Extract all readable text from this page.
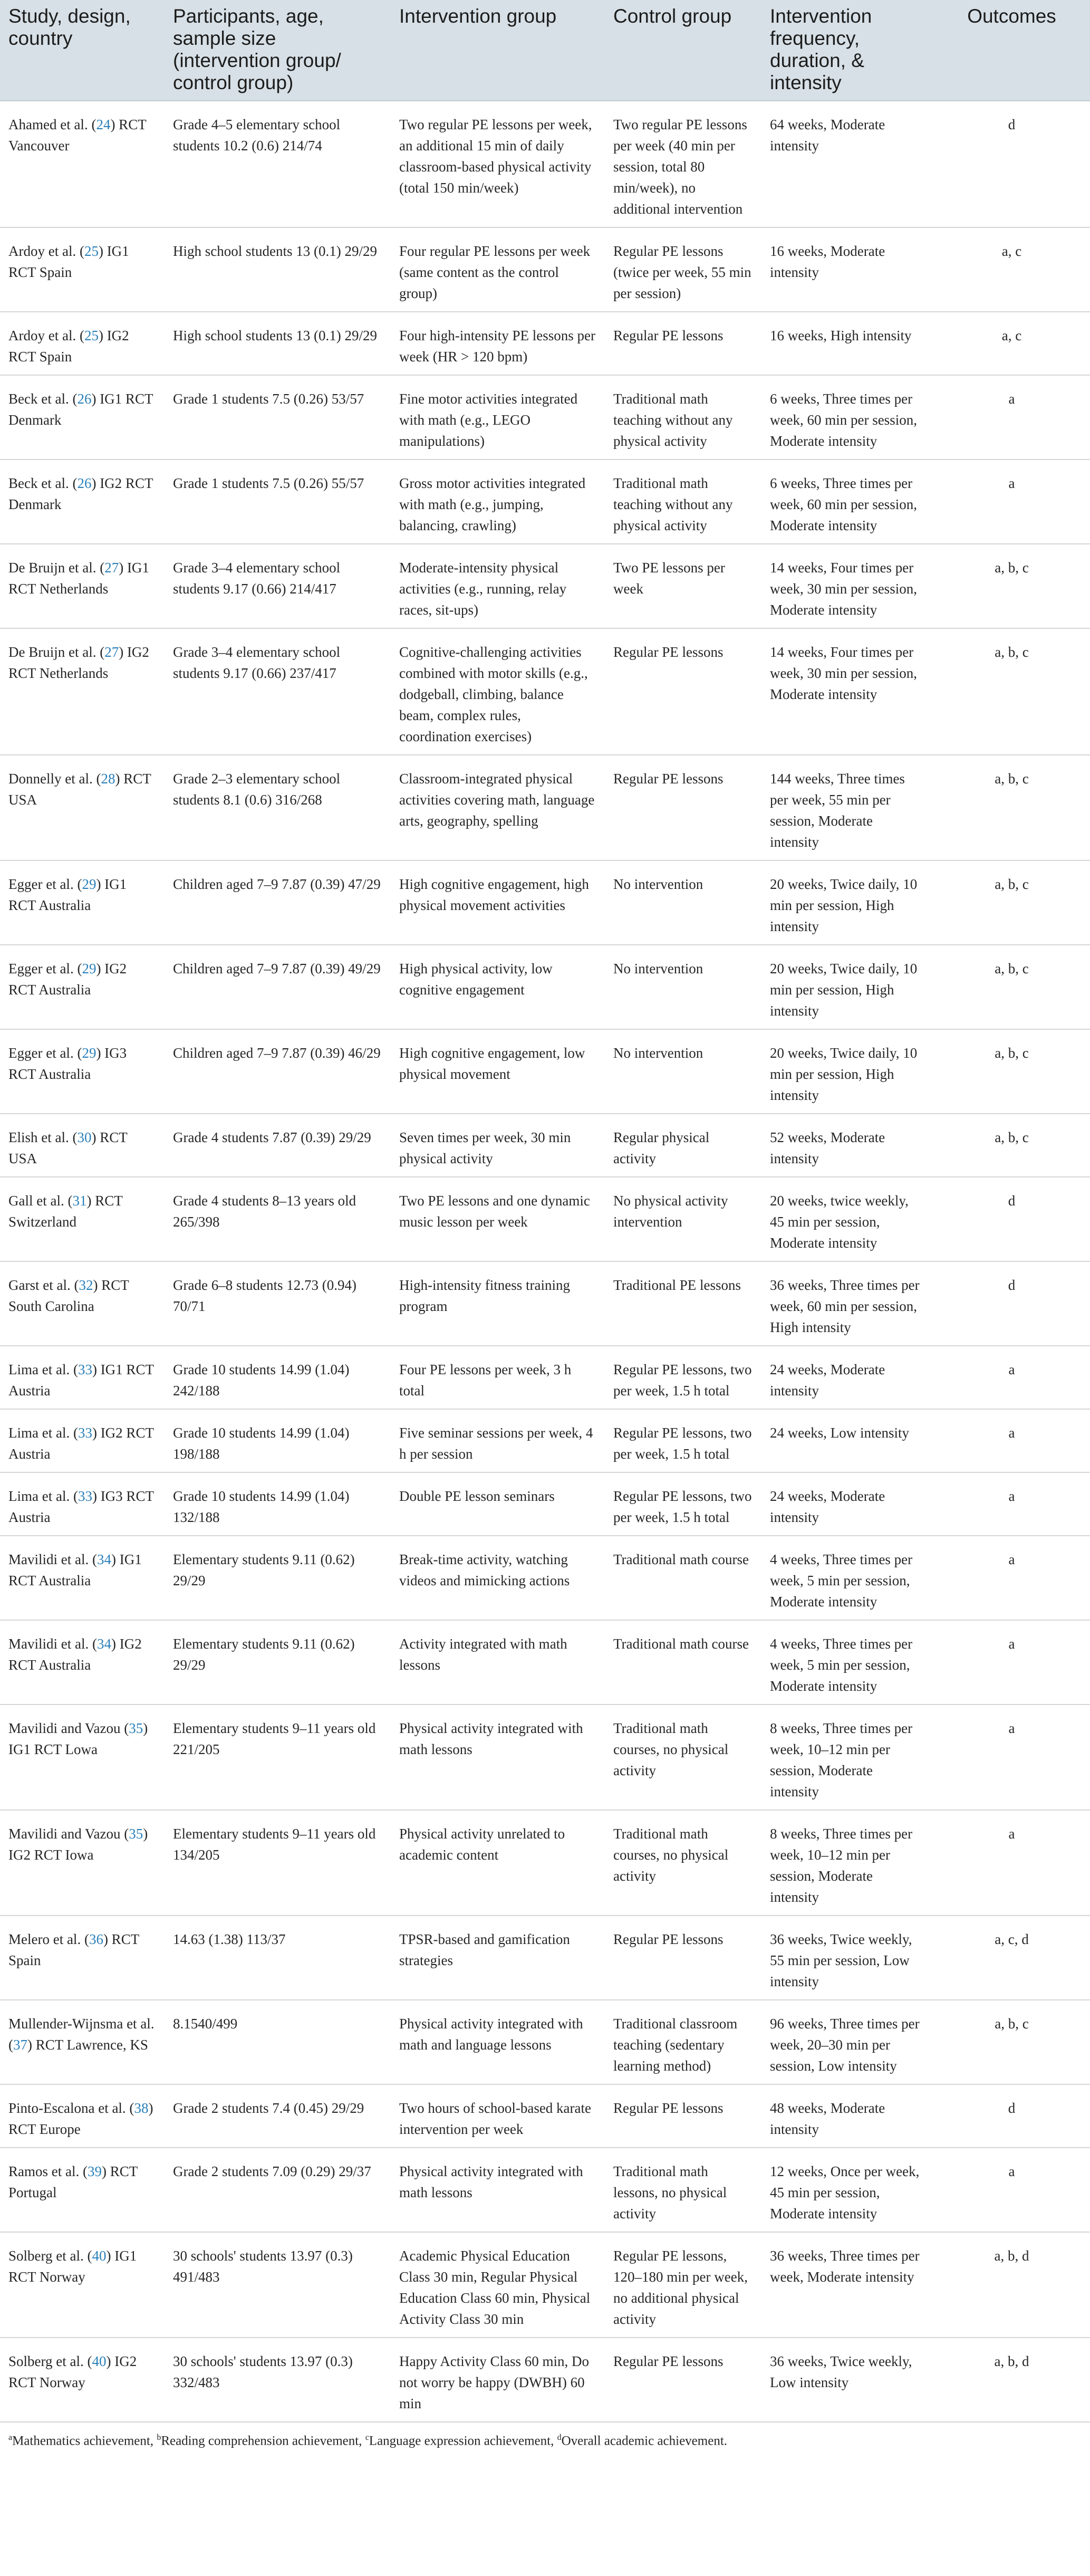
Study, design, country	Participants, age, sample size (intervention group/ control group)	Intervention group	Control group	Intervention frequency, duration, & intensity	Outcomes
Ahamed et al. (24) RCT Vancouver	Grade 4–5 elementary school students 10.2 (0.6) 214/74	Two regular PE lessons per week, an additional 15 min of daily classroom-based physical activity (total 150 min/week)	Two regular PE lessons per week (40 min per session, total 80 min/week), no additional intervention	64 weeks, Moderate intensity	d
Ardoy et al. (25) IG1 RCT Spain	High school students 13 (0.1) 29/29	Four regular PE lessons per week (same content as the control group)	Regular PE lessons (twice per week, 55 min per session)	16 weeks, Moderate intensity	a, c
Ardoy et al. (25) IG2 RCT Spain	High school students 13 (0.1) 29/29	Four high-intensity PE lessons per week (HR > 120 bpm)	Regular PE lessons	16 weeks, High intensity	a, c
Beck et al. (26) IG1 RCT Denmark	Grade 1 students 7.5 (0.26) 53/57	Fine motor activities integrated with math (e.g., LEGO manipulations)	Traditional math teaching without any physical activity	6 weeks, Three times per week, 60 min per session, Moderate intensity	a
Beck et al. (26) IG2 RCT Denmark	Grade 1 students 7.5 (0.26) 55/57	Gross motor activities integrated with math (e.g., jumping, balancing, crawling)	Traditional math teaching without any physical activity	6 weeks, Three times per week, 60 min per session, Moderate intensity	a
De Bruijn et al. (27) IG1 RCT Netherlands	Grade 3–4 elementary school students 9.17 (0.66) 214/417	Moderate-intensity physical activities (e.g., running, relay races, sit-ups)	Two PE lessons per week	14 weeks, Four times per week, 30 min per session, Moderate intensity	a, b, c
De Bruijn et al. (27) IG2 RCT Netherlands	Grade 3–4 elementary school students 9.17 (0.66) 237/417	Cognitive-challenging activities combined with motor skills (e.g., dodgeball, climbing, balance beam, complex rules, coordination exercises)	Regular PE lessons	14 weeks, Four times per week, 30 min per session, Moderate intensity	a, b, c
Donnelly et al. (28) RCT USA	Grade 2–3 elementary school students 8.1 (0.6) 316/268	Classroom-integrated physical activities covering math, language arts, geography, spelling	Regular PE lessons	144 weeks, Three times per week, 55 min per session, Moderate intensity	a, b, c
Egger et al. (29) IG1 RCT Australia	Children aged 7–9 7.87 (0.39) 47/29	High cognitive engagement, high physical movement activities	No intervention	20 weeks, Twice daily, 10 min per session, High intensity	a, b, c
Egger et al. (29) IG2 RCT Australia	Children aged 7–9 7.87 (0.39) 49/29	High physical activity, low cognitive engagement	No intervention	20 weeks, Twice daily, 10 min per session, High intensity	a, b, c
Egger et al. (29) IG3 RCT Australia	Children aged 7–9 7.87 (0.39) 46/29	High cognitive engagement, low physical movement	No intervention	20 weeks, Twice daily, 10 min per session, High intensity	a, b, c
Elish et al. (30) RCT USA	Grade 4 students 7.87 (0.39) 29/29	Seven times per week, 30 min physical activity	Regular physical activity	52 weeks, Moderate intensity	a, b, c
Gall et al. (31) RCT Switzerland	Grade 4 students 8–13 years old 265/398	Two PE lessons and one dynamic music lesson per week	No physical activity intervention	20 weeks, twice weekly, 45 min per session, Moderate intensity	d
Garst et al. (32) RCT South Carolina	Grade 6–8 students 12.73 (0.94) 70/71	High-intensity fitness training program	Traditional PE lessons	36 weeks, Three times per week, 60 min per session, High intensity	d
Lima et al. (33) IG1 RCT Austria	Grade 10 students 14.99 (1.04) 242/188	Four PE lessons per week, 3 h total	Regular PE lessons, two per week, 1.5 h total	24 weeks, Moderate intensity	a
Lima et al. (33) IG2 RCT Austria	Grade 10 students 14.99 (1.04) 198/188	Five seminar sessions per week, 4 h per session	Regular PE lessons, two per week, 1.5 h total	24 weeks, Low intensity	a
Lima et al. (33) IG3 RCT Austria	Grade 10 students 14.99 (1.04) 132/188	Double PE lesson seminars	Regular PE lessons, two per week, 1.5 h total	24 weeks, Moderate intensity	a
Mavilidi et al. (34) IG1 RCT Australia	Elementary students 9.11 (0.62) 29/29	Break-time activity, watching videos and mimicking actions	Traditional math course	4 weeks, Three times per week, 5 min per session, Moderate intensity	a
Mavilidi et al. (34) IG2 RCT Australia	Elementary students 9.11 (0.62) 29/29	Activity integrated with math lessons	Traditional math course	4 weeks, Three times per week, 5 min per session, Moderate intensity	a
Mavilidi and Vazou (35) IG1 RCT Lowa	Elementary students 9–11 years old 221/205	Physical activity integrated with math lessons	Traditional math courses, no physical activity	8 weeks, Three times per week, 10–12 min per session, Moderate intensity	a
Mavilidi and Vazou (35) IG2 RCT Iowa	Elementary students 9–11 years old 134/205	Physical activity unrelated to academic content	Traditional math courses, no physical activity	8 weeks, Three times per week, 10–12 min per session, Moderate intensity	a
Melero et al. (36) RCT Spain	14.63 (1.38) 113/37	TPSR-based and gamification strategies	Regular PE lessons	36 weeks, Twice weekly, 55 min per session, Low intensity	a, c, d
Mullender-Wijnsma et al. (37) RCT Lawrence, KS	8.1540/499	Physical activity integrated with math and language lessons	Traditional classroom teaching (sedentary learning method)	96 weeks, Three times per week, 20–30 min per session, Low intensity	a, b, c
Pinto-Escalona et al. (38) RCT Europe	Grade 2 students 7.4 (0.45) 29/29	Two hours of school-based karate intervention per week	Regular PE lessons	48 weeks, Moderate intensity	d
Ramos et al. (39) RCT Portugal	Grade 2 students 7.09 (0.29) 29/37	Physical activity integrated with math lessons	Traditional math lessons, no physical activity	12 weeks, Once per week, 45 min per session, Moderate intensity	a
Solberg et al. (40) IG1 RCT Norway	30 schools' students 13.97 (0.3) 491/483	Academic Physical Education Class 30 min, Regular Physical Education Class 60 min, Physical Activity Class 30 min	Regular PE lessons, 120–180 min per week, no additional physical activity	36 weeks, Three times per week, Moderate intensity	a, b, d
Solberg et al. (40) IG2 RCT Norway	30 schools' students 13.97 (0.3) 332/483	Happy Activity Class 60 min, Do not worry be happy (DWBH) 60 min	Regular PE lessons	36 weeks, Twice weekly, Low intensity	a, b, d
$^a$Mathematics achievement, $^b$Reading comprehension achievement, $^c$Language expression achievement, $^d$Overall academic achievement.
